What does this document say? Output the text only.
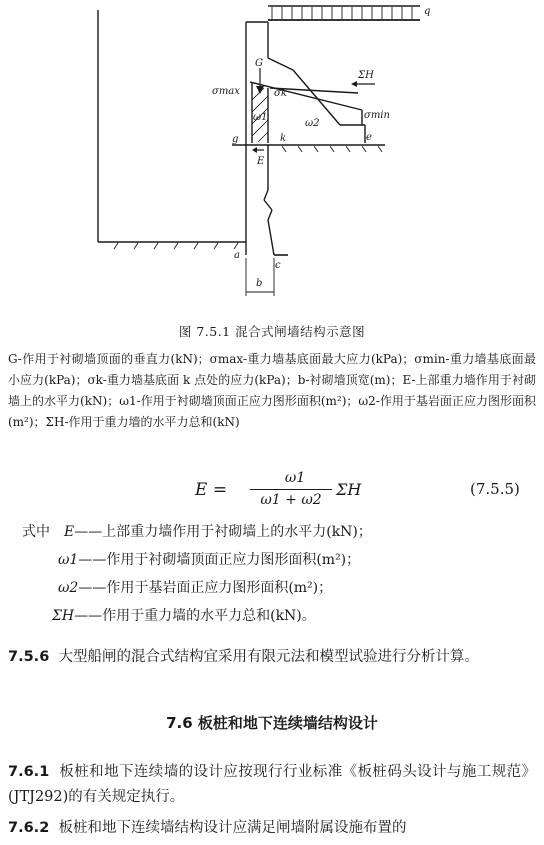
q
G
σmax	σk
ΣH
σmin
ω1
ω2
g	k	e
E
a
c
b
图 7.5.1 混合式闸墙结构示意图
G-作用于衬砌墙顶面的垂直力(kN)；σmax-重力墙基底面最大应力(kPa)；σmin-重力墙基底面最小应力(kPa)；σk-重力墙基底面 k 点处的应力(kPa)；b-衬砌墙顶宽(m)；E-上部重力墙作用于衬砌墙上的水平力(kN)；ω1-作用于衬砌墙顶面正应力图形面积(m²)；ω2-作用于基岩面正应力图形面积(m²)；ΣH-作用于重力墙的水平力总和(kN)
E =
ω1
ω1 + ω2
ΣH	(7.5.5)
式中 E——上部重力墙作用于衬砌墙上的水平力(kN)；
ω1——作用于衬砌墙顶面正应力图形面积(m²)；
ω2——作用于基岩面正应力图形面积(m²)；
ΣH——作用于重力墙的水平力总和(kN)。
7.5.6 大型船闸的混合式结构宜采用有限元法和模型试验进行分析计算。
7.6 板桩和地下连续墙结构设计
7.6.1 板桩和地下连续墙的设计应按现行行业标准《板桩码头设计与施工规范》(JTJ292)的有关规定执行。
7.6.2 板桩和地下连续墙结构设计应满足闸墙附属设施布置的
